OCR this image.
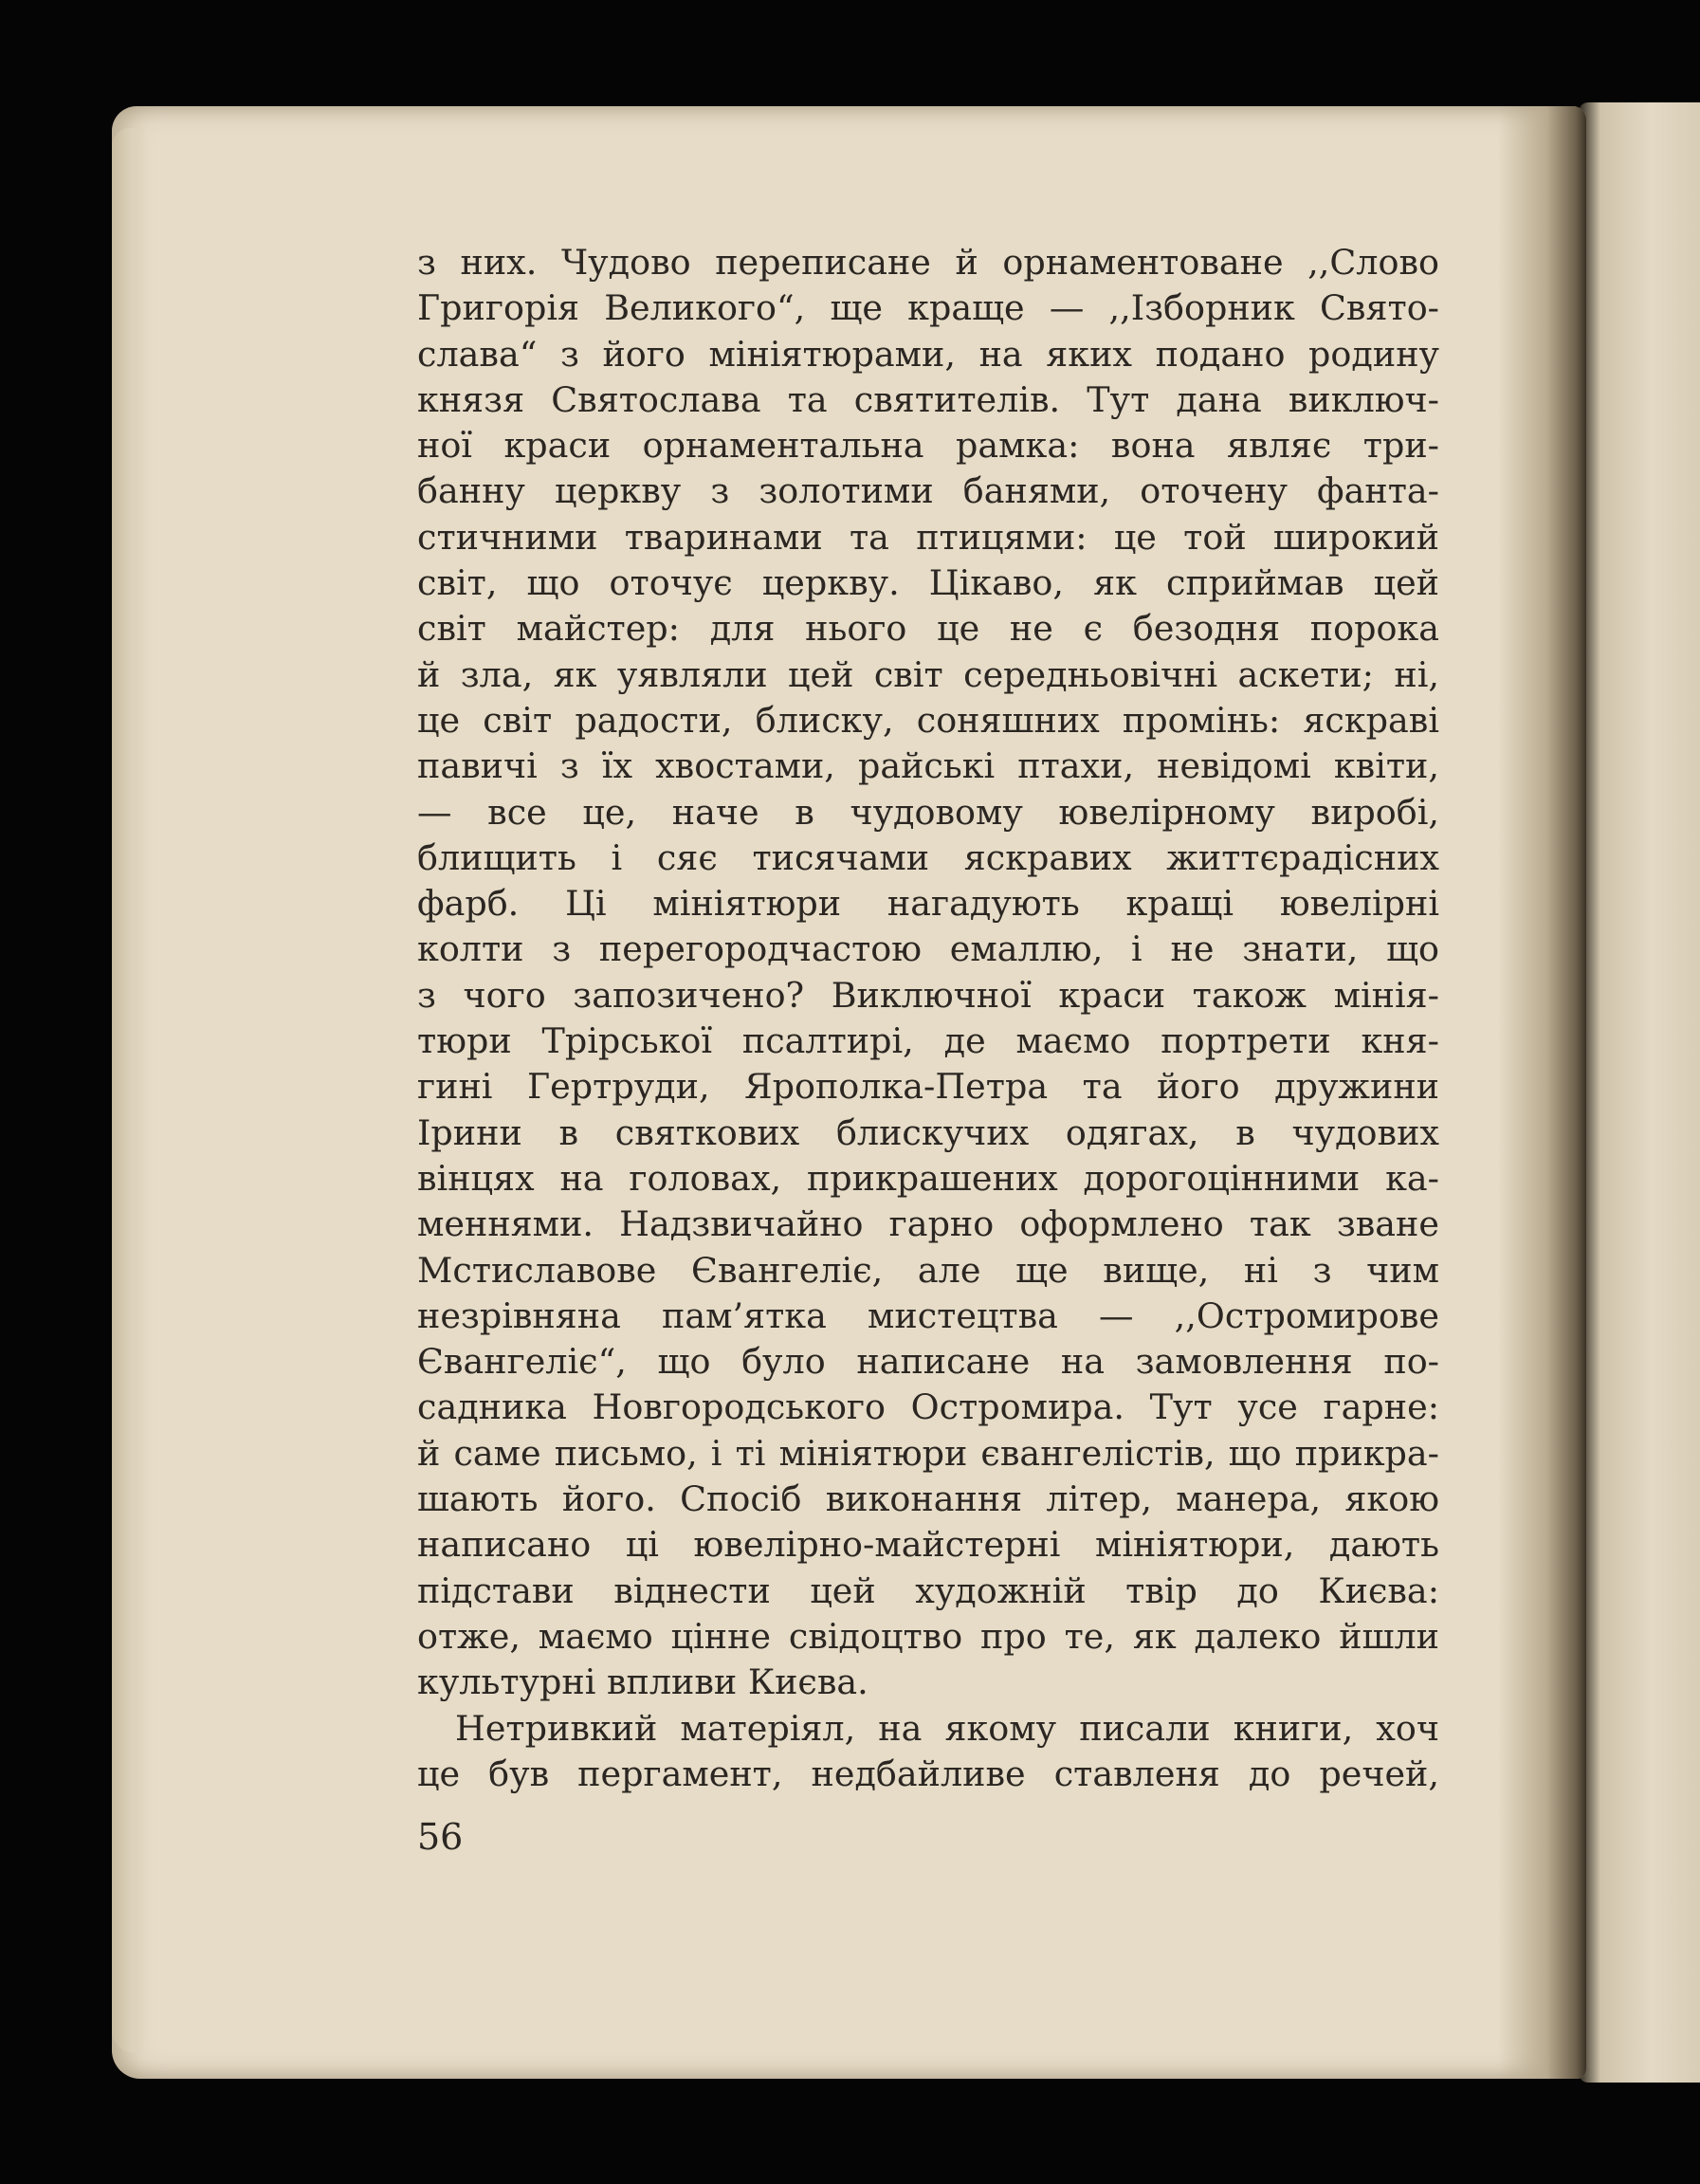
з них. Чудово переписане й орнаментоване ,,Слово
Григорія Великого“, ще краще — ,,Ізборник Свято-
слава“ з його мініятюрами, на яких подано родину
князя Святослава та святителів. Тут дана виключ-
ної краси орнаментальна рамка: вона являє три-
банну церкву з золотими банями, оточену фанта-
стичними тваринами та птицями: це той широкий
світ, що оточує церкву. Цікаво, як сприймав цей
світ майстер: для нього це не є безодня порока
й зла, як уявляли цей світ середньовічні аскети; ні,
це світ радости, блиску, соняшних промінь: яскраві
павичі з їх хвостами, райські птахи, невідомі квіти,
— все це, наче в чудовому ювелірному виробі,
блищить і сяє тисячами яскравих життєрадісних
фарб. Ці мініятюри нагадують кращі ювелірні
колти з перегородчастою емаллю, і не знати, що
з чого запозичено? Виключної краси також мінія-
тюри Трірської псалтирі, де маємо портрети кня-
гині Гертруди, Ярополка-Петра та його дружини
Ірини в святкових блискучих одягах, в чудових
вінцях на головах, прикрашених дорогоцінними ка-
меннями. Надзвичайно гарно оформлено так зване
Мстиславове Євангеліє, але ще вище, ні з чим
незрівняна пам’ятка мистецтва — ,,Остромирове
Євангеліє“, що було написане на замовлення по-
садника Новгородського Остромира. Тут усе гарне:
й саме письмо, і ті мініятюри євангелістів, що прикра-
шають його. Спосіб виконання літер, манера, якою
написано ці ювелірно-майстерні мініятюри, дають
підстави віднести цей художній твір до Києва:
отже, маємо цінне свідоцтво про те, як далеко йшли
культурні впливи Києва.
Нетривкий матеріял, на якому писали книги, хоч
це був пергамент, недбайливе ставленя до речей,
56
